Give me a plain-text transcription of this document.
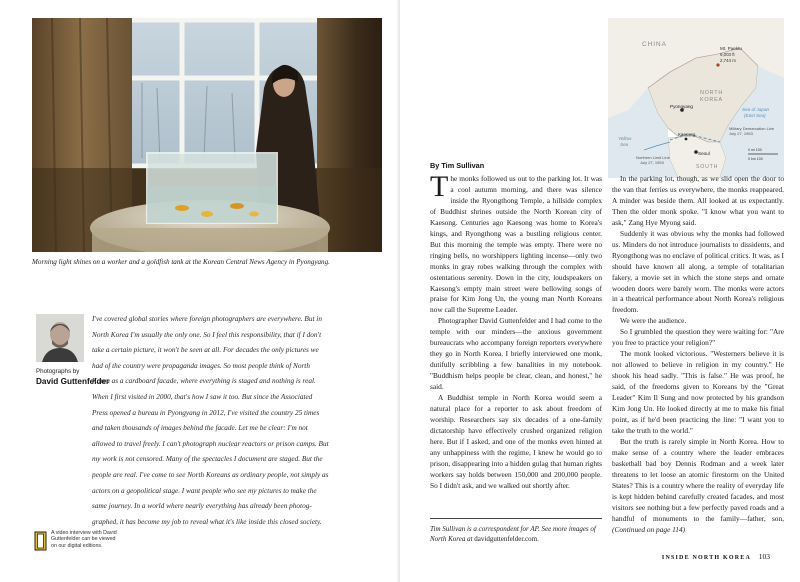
Morning light shines on a worker and a goldfish tank at the Korean Central News Agency in Pyongyang.
Photographs by
David Guttenfelder

I've covered global stories where foreign photographers are everywhere. But in

North Korea I'm usually the only one. So I feel this responsibility, that if I don't

take a certain picture, it won't be seen at all. For decades the only pictures we

had of the country were propaganda images. So most people think of North

Korea as a cardboard facade, where everything is staged and nothing is real.

When I first visited in 2000, that's how I saw it too. But since the Associated

Press opened a bureau in Pyongyang in 2012, I've visited the country 25 times

and taken thousands of images behind the facade. Let me be clear: I'm not

allowed to travel freely. I can't photograph nuclear reactors or prison camps. But

my work is not censored. Many of the spectacles I document are staged. But the

people are real. I've come to see North Koreans as ordinary people, not simply as

actors on a geopolitical stage. I want people who see my pictures to make the

same journey. In a world where nearly everything has already been photog-

graphed, it has become my job to reveal what it's like inside this closed society.

A video interview with David Guttenfelder can be viewed on our digital editions.
CHINA
Mt. Paektu
9,003 ft
2,744 m
NORTH
KOREA
Sea of Japan
(East Sea)
Pyongyang
Military Demarcation Line
July 27, 1953
Yellow
Sea
Kaesong
Northern Limit Line
July 27, 1953
Seoul
SOUTH
0 mi 100
0 km 100
By Tim Sullivan

The monks followed us out to the parking lot. It was a cool autumn morning, and there was silence inside the Ryongthong Temple, a hillside complex of Buddhist shrines outside the North Korean city of Kaesong. Centuries ago Kaesong was home to Korea's kings, and Ryongthong was a bustling religious center. But this morning the temple was empty. There were no ringing bells, no worshippers lighting incense—only two monks in gray robes walking through the complex with ostentatious serenity. Down in the city, loudspeakers on Kaesong's empty main street were bellowing songs of praise for Kim Jong Un, the young man North Koreans now call the Supreme Leader.

Photographer David Guttenfelder and I had come to the temple with our minders—the anxious government bureaucrats who accompany foreign reporters everywhere they go in North Korea. I briefly interviewed one monk, dutifully scribbling a few banalities in my notebook. "Buddhism helps people be clear, clean, and honest," he said.

A Buddhist temple in North Korea would seem a natural place for a reporter to ask about freedom of worship. Researchers say six decades of a one-family dictatorship have effectively crushed organized religion here. But if I asked, and one of the monks even hinted at any unhappiness with the regime, I knew he would go to prison, disappearing into a hidden gulag that human rights workers say holds between 150,000 and 200,000 people. So I didn't ask, and we walked out shortly after.

Tim Sullivan is a correspondent for AP. See more images of North Korea at davidguttenfelder.com.

In the parking lot, though, as we slid open the door to the van that ferries us everywhere, the monks reappeared. A minder was beside them. All looked at us expectantly. Then the older monk spoke. "I know what you want to ask," Zang Hye Myong said.

Suddenly it was obvious why the monks had followed us. Minders do not introduce journalists to dissidents, and Ryongthong was no enclave of political critics. It was, as I should have known all along, a temple of totalitarian fakery, a movie set in which the stone steps and ornate wooden doors were barely worn. The monks were actors in a theatrical performance about North Korea's religious freedom.

We were the audience.

So I grumbled the question they were waiting for: "Are you free to practice your religion?"

The monk looked victorious. "Westerners believe it is not allowed to believe in religion in my country." He shook his head sadly. "This is false." He was proof, he said, of the freedoms given to Koreans by the "Great Leader" Kim Il Sung and now protected by his grandson Kim Jong Un. He looked directly at me to make his final point, as if he'd been practicing the line: "I want you to take the truth to the world."

But the truth is rarely simple in North Korea. How to make sense of a country where the leader embraces basketball bad boy Dennis Rodman and a week later threatens to let loose an atomic firestorm on the United States? This is a country where the reality of everyday life is kept hidden behind carefully created facades, and most visitors see nothing but a few perfectly paved roads and a handful of monuments to the family—father, son, (Continued on page 114)

INSIDE NORTH KOREA 103
